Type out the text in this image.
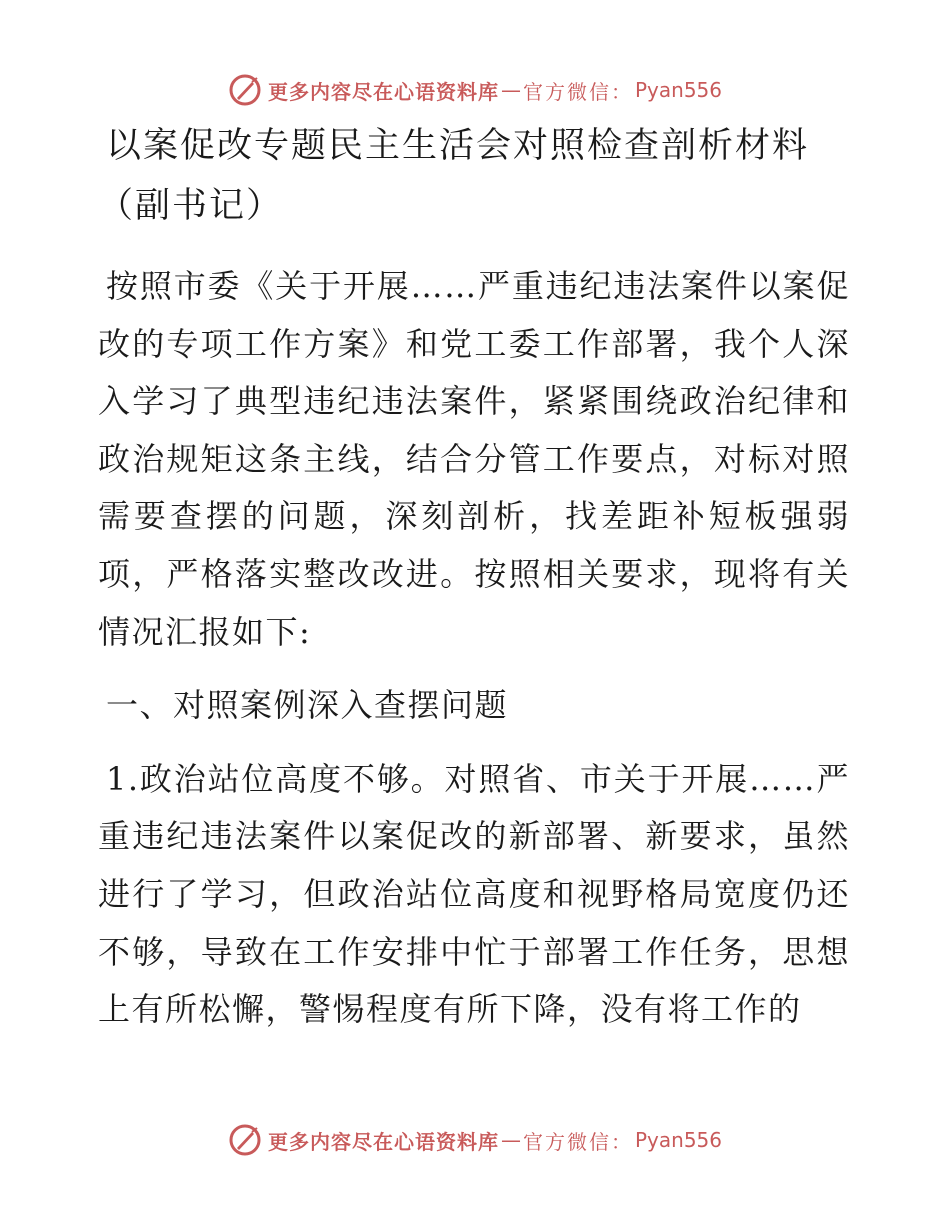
更多内容尽在心语资料库 — 官方微信： Pyan556
以案促改专题民主生活会对照检查剖析材料（副书记）

按照市委《关于开展……严重违纪违法案件以案促改的专项工作方案》和党工委工作部署，我个人深入学习了典型违纪违法案件，紧紧围绕政治纪律和政治规矩这条主线，结合分管工作要点，对标对照需要查摆的问题，深刻剖析，找差距补短板强弱项，严格落实整改改进。按照相关要求，现将有关情况汇报如下:

一、对照案例深入查摆问题

1.政治站位高度不够。对照省、市关于开展……严重违纪违法案件以案促改的新部署、新要求，虽然进行了学习，但政治站位高度和视野格局宽度仍还不够，导致在工作安排中忙于部署工作任务，思想上有所松懈，警惕程度有所下降，没有将工作的

更多内容尽在心语资料库 — 官方微信： Pyan556
